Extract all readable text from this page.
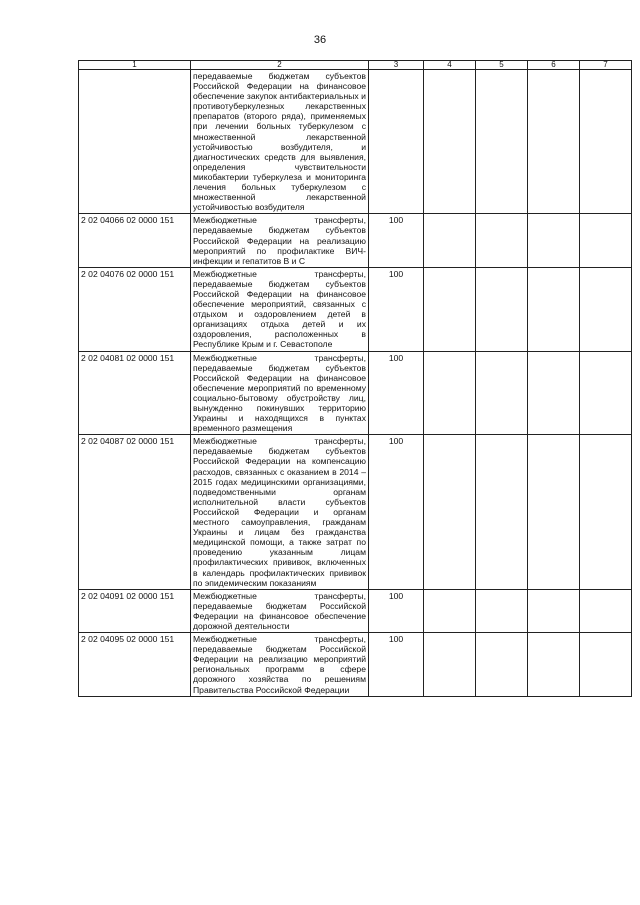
36
1	2	3	4	5	6	7
	передаваемые бюджетам субъектов Российской Федерации на финансовое обеспечение закупок антибактериальных и противотуберкулезных лекарственных препаратов (второго ряда), применяемых при лечении больных туберкулезом с множественной лекарственной устойчивостью возбудителя, и диагностических средств для выявления, определения чувствительности микобактерии туберкулеза и мониторинга лечения больных туберкулезом с множественной лекарственной устойчивостью возбудителя					
2 02 04066 02 0000 151	Межбюджетные трансферты, передаваемые бюджетам субъектов Российской Федерации на реализацию мероприятий по профилактике ВИЧ-инфекции и гепатитов В и С	100				
2 02 04076 02 0000 151	Межбюджетные трансферты, передаваемые бюджетам субъектов Российской Федерации на финансовое обеспечение мероприятий, связанных с отдыхом и оздоровлением детей в организациях отдыха детей и их оздоровления, расположенных в Республике Крым и г. Севастополе	100				
2 02 04081 02 0000 151	Межбюджетные трансферты, передаваемые бюджетам субъектов Российской Федерации на финансовое обеспечение мероприятий по временному социально-бытовому обустройству лиц, вынужденно покинувших территорию Украины и находящихся в пунктах временного размещения	100				
2 02 04087 02 0000 151	Межбюджетные трансферты, передаваемые бюджетам субъектов Российской Федерации на компенсацию расходов, связанных с оказанием в 2014 – 2015 годах медицинскими организациями, подведомственными органам исполнительной власти субъектов Российской Федерации и органам местного самоуправления, гражданам Украины и лицам без гражданства медицинской помощи, а также затрат по проведению указанным лицам профилактических прививок, включенных в календарь профилактических прививок по эпидемическим показаниям	100				
2 02 04091 02 0000 151	Межбюджетные трансферты, передаваемые бюджетам Российской Федерации на финансовое обеспечение дорожной деятельности	100				
2 02 04095 02 0000 151	Межбюджетные трансферты, передаваемые бюджетам Российской Федерации на реализацию мероприятий региональных программ в сфере дорожного хозяйства по решениям Правительства Российской Федерации	100				
